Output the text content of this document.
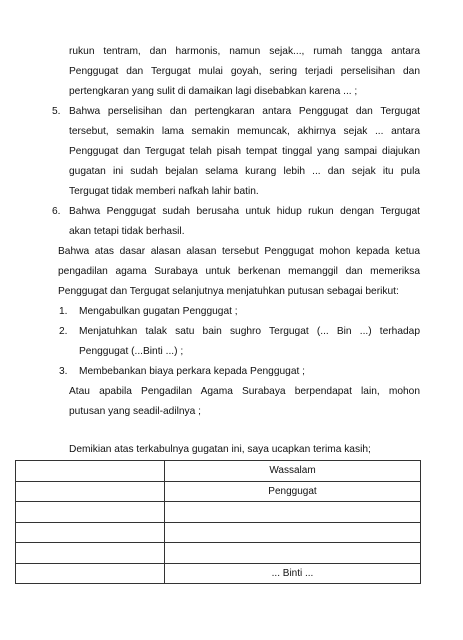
rukun tentram, dan harmonis, namun sejak..., rumah tangga antara
Penggugat dan Tergugat mulai goyah, sering terjadi perselisihan dan
pertengkaran yang sulit di damaikan lagi disebabkan karena ... ;
5. Bahwa perselisihan dan pertengkaran antara Penggugat dan Tergugat
tersebut, semakin lama semakin memuncak, akhirnya sejak ... antara
Penggugat dan Tergugat telah pisah tempat tinggal yang sampai diajukan
gugatan ini sudah bejalan selama kurang lebih ... dan sejak itu pula
Tergugat tidak memberi nafkah lahir batin.
6. Bahwa Penggugat sudah berusaha untuk hidup rukun dengan Tergugat
akan tetapi tidak berhasil.
Bahwa atas dasar alasan alasan tersebut Penggugat mohon kepada ketua
pengadilan agama Surabaya untuk berkenan memanggil dan memeriksa
Penggugat dan Tergugat selanjutnya menjatuhkan putusan sebagai berikut:
1. Mengabulkan gugatan Penggugat ;
2. Menjatuhkan talak satu bain sughro Tergugat (... Bin ...) terhadap
Penggugat (...Binti ...) ;
3. Membebankan biaya perkara kepada Penggugat ;
Atau apabila Pengadilan Agama Surabaya berpendapat lain, mohon
putusan yang seadil-adilnya ;
Demikian atas terkabulnya gugatan ini, saya ucapkan terima kasih;
	Wassalam
	Penggugat

	... Binti ...
